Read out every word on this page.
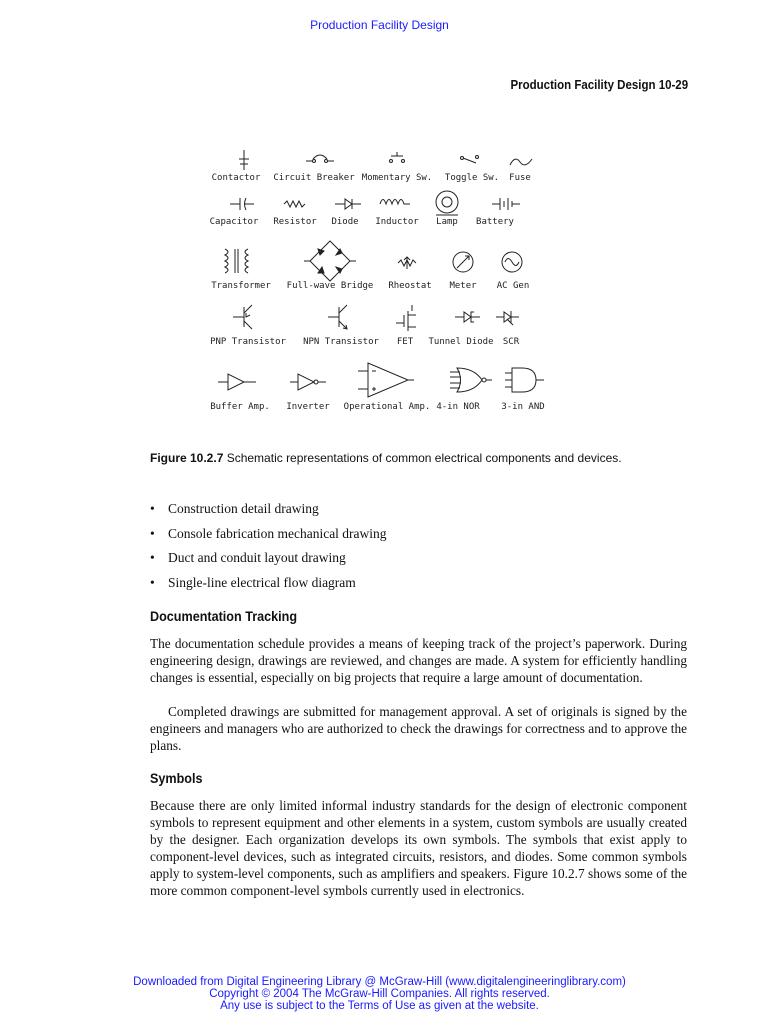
Production Facility Design
Production Facility Design 10-29
Contactor Circuit Breaker Momentary Sw. Toggle Sw. Fuse
Capacitor Resistor Diode Inductor Lamp Battery
Transformer Full-wave Bridge Rheostat Meter AC Gen
PNP Transistor NPN Transistor FET Tunnel Diode SCR
Buffer Amp. Inverter Operational Amp. 4-in NOR 3-in AND
Figure 10.2.7 Schematic representations of common electrical components and devices.
• Construction detail drawing
• Console fabrication mechanical drawing
• Duct and conduit layout drawing
• Single-line electrical flow diagram
Documentation Tracking

The documentation schedule provides a means of keeping track of the project’s paperwork. During engineering design, drawings are reviewed, and changes are made. A system for efficiently handling changes is essential, especially on big projects that require a large amount of documentation.

Completed drawings are submitted for management approval. A set of originals is signed by the engineers and managers who are authorized to check the drawings for correctness and to approve the plans.

Symbols

Because there are only limited informal industry standards for the design of electronic component symbols to represent equipment and other elements in a system, custom symbols are usually created by the designer. Each organization develops its own symbols. The symbols that exist apply to component-level devices, such as integrated circuits, resistors, and diodes. Some common symbols apply to system-level components, such as amplifiers and speakers. Figure 10.2.7 shows some of the more common component-level symbols currently used in electronics.

Downloaded from Digital Engineering Library @ McGraw-Hill (www.digitalengineeringlibrary.com)
Copyright © 2004 The McGraw-Hill Companies. All rights reserved.
Any use is subject to the Terms of Use as given at the website.
